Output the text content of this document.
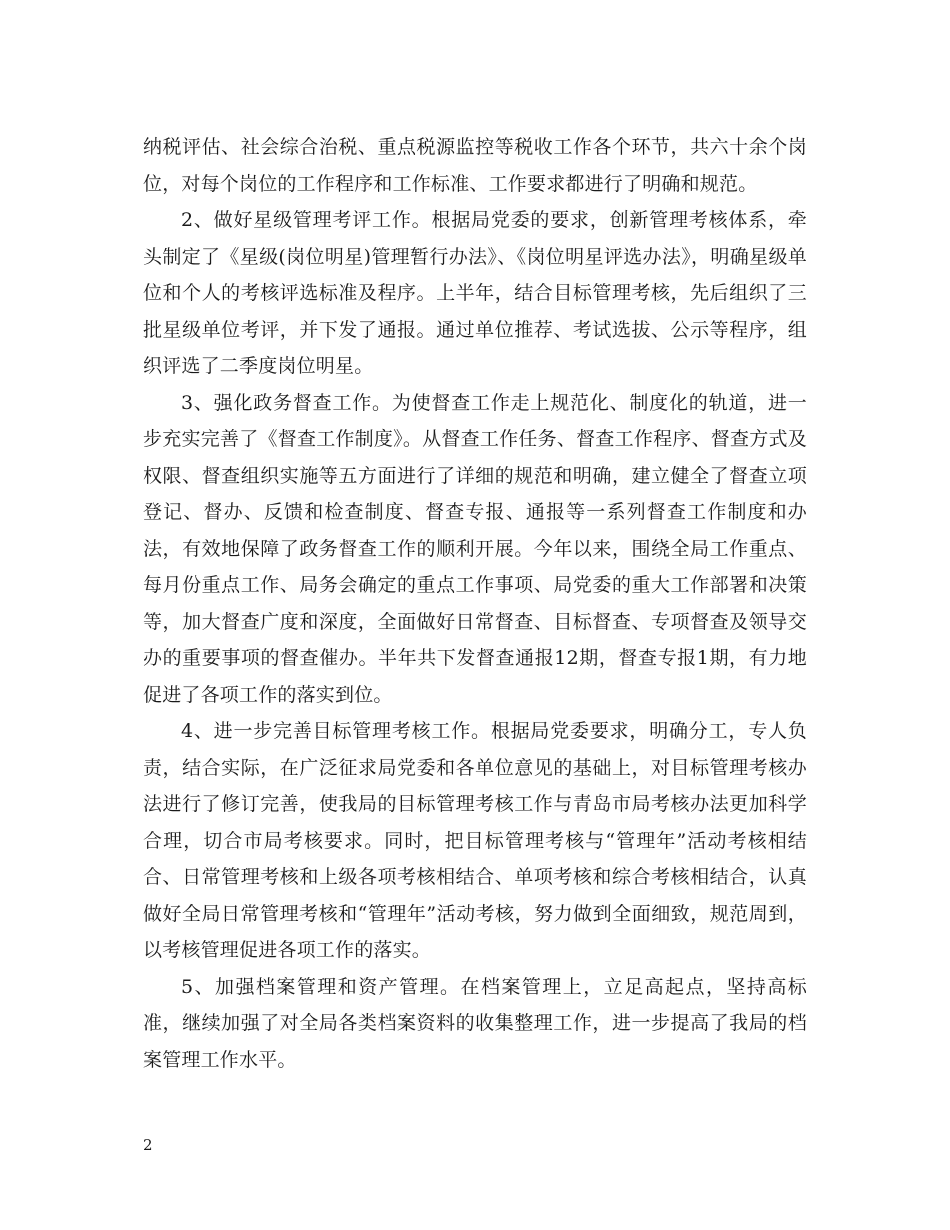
纳税评估、社会综合治税、重点税源监控等税收工作各个环节，共六十余个岗位，对每个岗位的工作程序和工作标准、工作要求都进行了明确和规范。

2、做好星级管理考评工作。根据局党委的要求，创新管理考核体系，牵头制定了《星级(岗位明星)管理暂行办法》、《岗位明星评选办法》，明确星级单位和个人的考核评选标准及程序。上半年，结合目标管理考核，先后组织了三批星级单位考评，并下发了通报。通过单位推荐、考试选拔、公示等程序，组织评选了二季度岗位明星。

3、强化政务督查工作。为使督查工作走上规范化、制度化的轨道，进一步充实完善了《督查工作制度》。从督查工作任务、督查工作程序、督查方式及权限、督查组织实施等五方面进行了详细的规范和明确，建立健全了督查立项登记、督办、反馈和检查制度、督查专报、通报等一系列督查工作制度和办法，有效地保障了政务督查工作的顺利开展。今年以来，围绕全局工作重点、每月份重点工作、局务会确定的重点工作事项、局党委的重大工作部署和决策等，加大督查广度和深度，全面做好日常督查、目标督查、专项督查及领导交办的重要事项的督查催办。半年共下发督查通报12期，督查专报1期，有力地促进了各项工作的落实到位。

4、进一步完善目标管理考核工作。根据局党委要求，明确分工，专人负责，结合实际，在广泛征求局党委和各单位意见的基础上，对目标管理考核办法进行了修订完善，使我局的目标管理考核工作与青岛市局考核办法更加科学合理，切合市局考核要求。同时，把目标管理考核与“管理年”活动考核相结合、日常管理考核和上级各项考核相结合、单项考核和综合考核相结合，认真做好全局日常管理考核和“管理年”活动考核，努力做到全面细致，规范周到，以考核管理促进各项工作的落实。

5、加强档案管理和资产管理。在档案管理上，立足高起点，坚持高标准，继续加强了对全局各类档案资料的收集整理工作，进一步提高了我局的档案管理工作水平。

2
